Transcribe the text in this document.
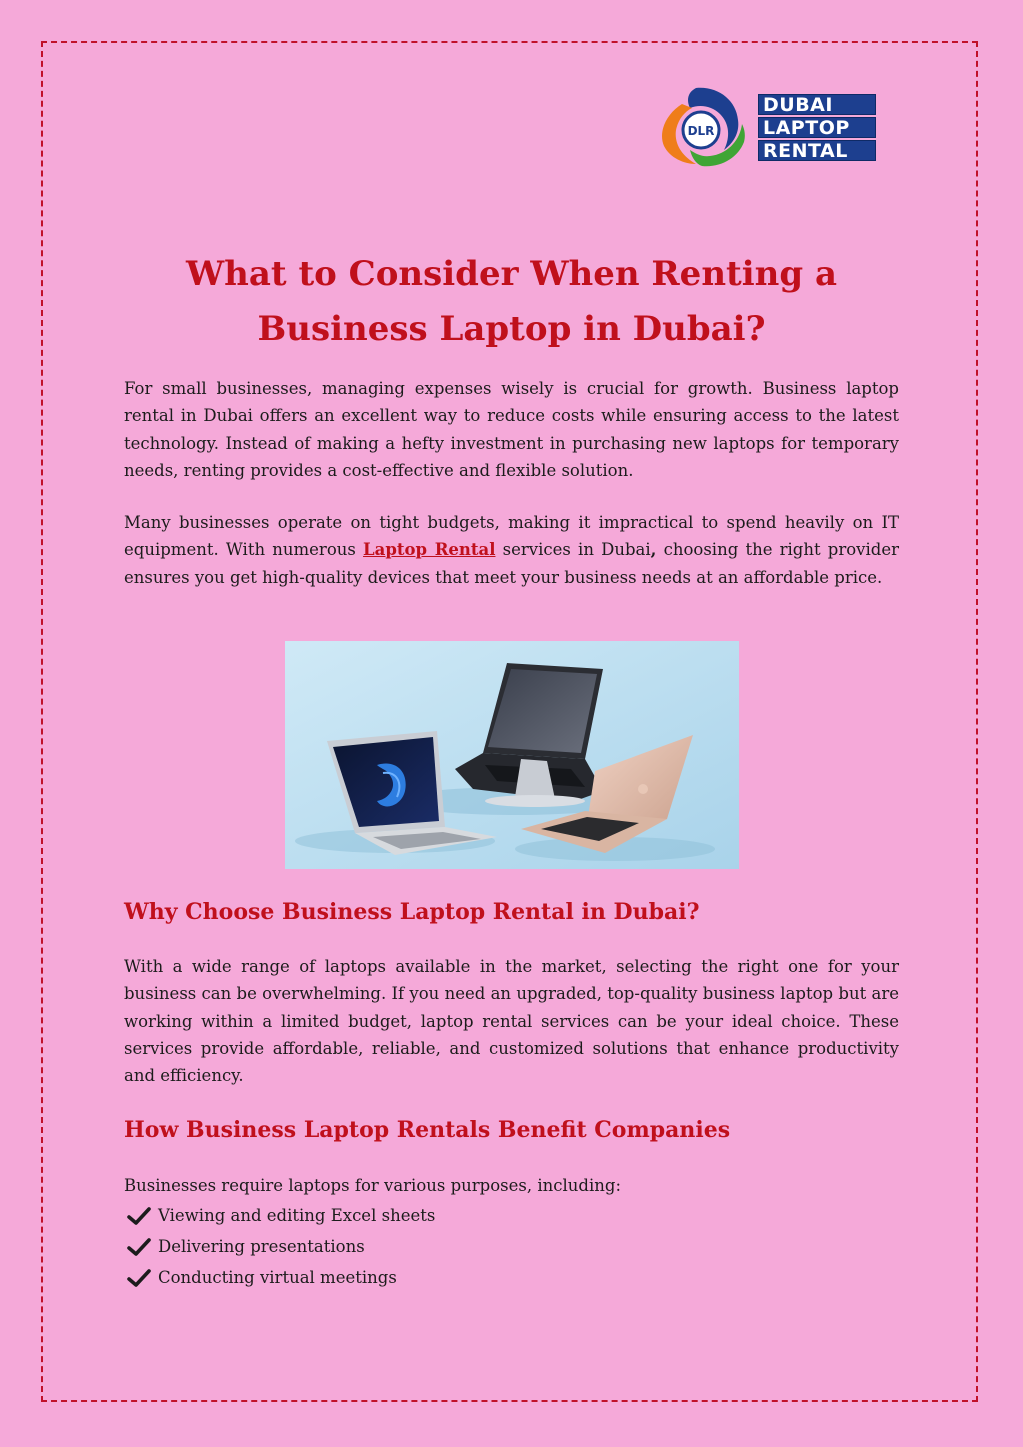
DLR
DUBAI
LAPTOP
RENTAL
What to Consider When Renting a
Business Laptop in Dubai?

For small businesses, managing expenses wisely is crucial for growth. Business laptop rental in Dubai offers an excellent way to reduce costs while ensuring access to the latest technology. Instead of making a hefty investment in purchasing new laptops for temporary needs, renting provides a cost-effective and flexible solution.

Many businesses operate on tight budgets, making it impractical to spend heavily on IT equipment. With numerous Laptop Rental services in Dubai, choosing the right provider ensures you get high-quality devices that meet your business needs at an affordable price.

Why Choose Business Laptop Rental in Dubai?

With a wide range of laptops available in the market, selecting the right one for your business can be overwhelming. If you need an upgraded, top-quality business laptop but are working within a limited budget, laptop rental services can be your ideal choice. These services provide affordable, reliable, and customized solutions that enhance productivity and efficiency.

How Business Laptop Rentals Benefit Companies

Businesses require laptops for various purposes, including:

Viewing and editing Excel sheets
Delivering presentations
Conducting virtual meetings
